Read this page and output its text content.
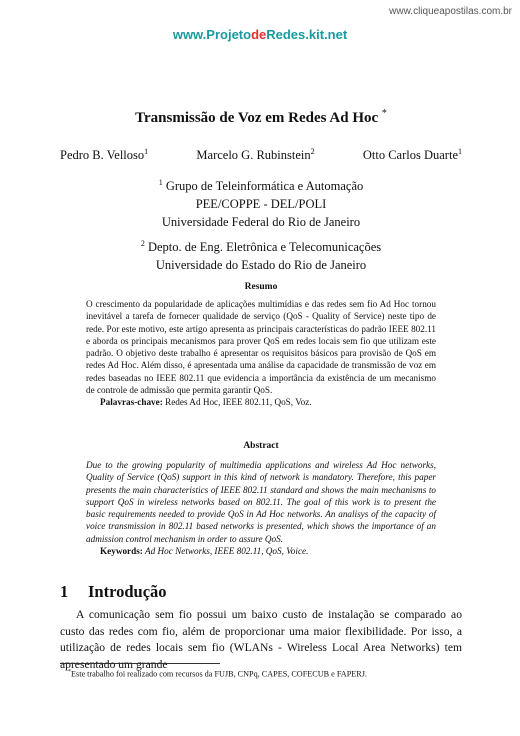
www.cliqueapostilas.com.br
www.ProjetodeRedes.kit.net
Transmissão de Voz em Redes Ad Hoc *
Pedro B. Velloso$^1$	Marcelo G. Rubinstein$^2$	Otto Carlos Duarte$^1$
$^1$ Grupo de Teleinformática e Automação
PEE/COPPE - DEL/POLI
Universidade Federal do Rio de Janeiro
$^2$ Depto. de Eng. Eletrônica e Telecomunicações
Universidade do Estado do Rio de Janeiro
Resumo
O crescimento da popularidade de aplicações multimídias e das redes sem fio Ad Hoc tornou inevitável a tarefa de fornecer qualidade de serviço (QoS - Quality of Service) neste tipo de rede. Por este motivo, este artigo apresenta as principais características do padrão IEEE 802.11 e aborda os principais mecanismos para prover QoS em redes locais sem fio que utilizam este padrão. O objetivo deste trabalho é apresentar os requisitos básicos para provisão de QoS em redes Ad Hoc. Além disso, é apresentada uma análise da capacidade de transmissão de voz em redes baseadas no IEEE 802.11 que evidencia a importância da existência de um mecanismo de controle de admissão que permita garantir QoS.
Palavras-chave: Redes Ad Hoc, IEEE 802.11, QoS, Voz.
Abstract
Due to the growing popularity of multimedia applications and wireless Ad Hoc networks, Quality of Service (QoS) support in this kind of network is mandatory. Therefore, this paper presents the main characteristics of IEEE 802.11 standard and shows the main mechanisms to support QoS in wireless networks based on 802.11. The goal of this work is to present the basic requirements needed to provide QoS in Ad Hoc networks. An analisys of the capacity of voice transmission in 802.11 based networks is presented, which shows the importance of an admission control mechanism in order to assure QoS.
Keywords: Ad Hoc Networks, IEEE 802.11, QoS, Voice.
1 Introdução
A comunicação sem fio possui um baixo custo de instalação se comparado ao custo das redes com fio, além de proporcionar uma maior flexibilidade. Por isso, a utilização de redes locais sem fio (WLANs - Wireless Local Area Networks) tem apresentado um grande
*Este trabalho foi realizado com recursos da FUJB, CNPq, CAPES, COFECUB e FAPERJ.
